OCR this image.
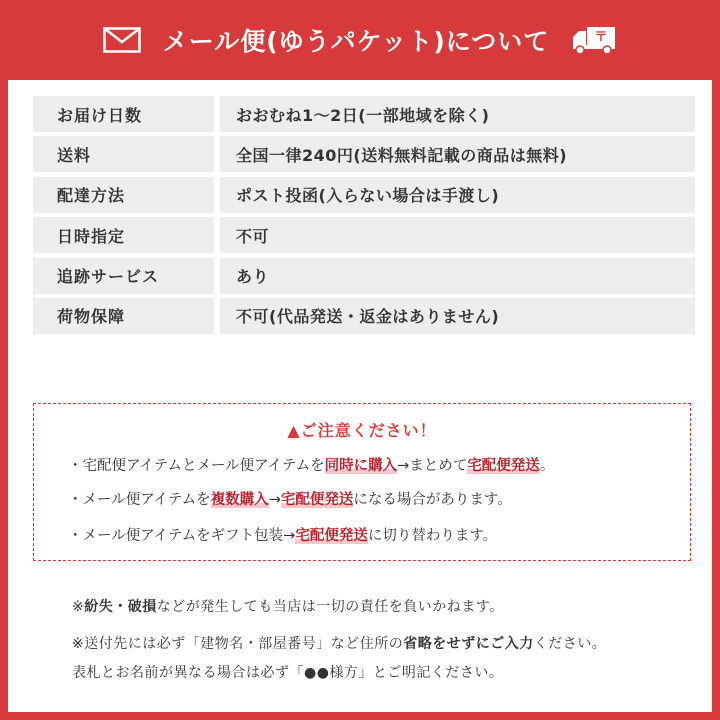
メール便(ゆうパケット)について	〒
お届け日数	おおむね1〜2日(一部地域を除く)
送料	全国一律240円(送料無料記載の商品は無料)
配達方法	ポスト投函(入らない場合は手渡し)
日時指定	不可
追跡サービス	あり
荷物保障	不可(代品発送・返金はありません)
▲ご注意ください！
・宅配便アイテムとメール便アイテムを同時に購入→まとめて宅配便発送。
・メール便アイテムを複数購入→宅配便発送になる場合があります。
・メール便アイテムをギフト包装→宅配便発送に切り替わります。
※紛失・破損などが発生しても当店は一切の責任を負いかねます。
※送付先には必ず「建物名・部屋番号」など住所の省略をせずにご入力ください。
表札とお名前が異なる場合は必ず「●●様方」とご明記ください。
